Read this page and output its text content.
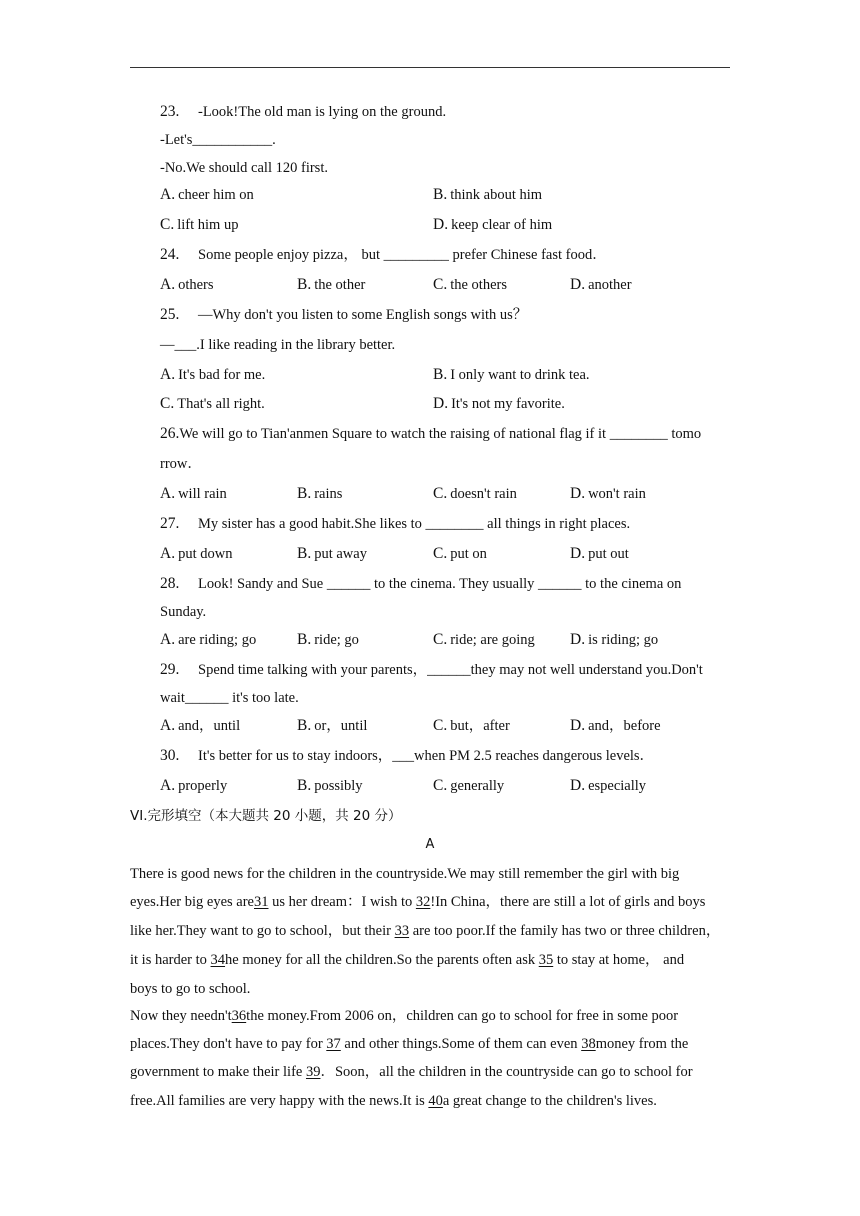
23. -Look!The old man is lying on the ground.
-Let's___________.
-No.We should call 120 first.
A. cheer him on	B. think about him
C. lift him up	D. keep clear of him
24. Some people enjoy pizza， but _________ prefer Chinese fast food．
A. others	B. the other	C. the others	D. another
25. —Why don't you listen to some English songs with us？
—___.I like reading in the library better.
A. It's bad for me.	B. I only want to drink tea.
C. That's all right.	D. It's not my favorite.
26.We will go to Tian'anmen Square to watch the raising of national flag if it ________ tomo
rrow．
A. will rain	B. rains	C. doesn't rain	D. won't rain
27. My sister has a good habit.She likes to ________ all things in right places.
A. put down	B. put away	C. put on	D. put out
28. Look! Sandy and Sue ______ to the cinema. They usually ______ to the cinema on
Sunday.
A. are riding; go	B. ride; go	C. ride; are going D. is riding; go
29. Spend time talking with your parents，______they may not well understand you.Don't
wait______ it's too late.
A. and，until	B. or，until	C. but，after	D. and，before
30. It's better for us to stay indoors，___when PM 2.5 reaches dangerous levels．
A. properly	B. possibly	C. generally	D. especially
VI.完形填空（本大题共 20 小题，共 20 分）
A
There is good news for the children in the countryside.We may still remember the girl with big
eyes.Her big eyes are31 us her dream：I wish to 32!In China，there are still a lot of girls and boys
like her.They want to go to school，but their 33 are too poor.If the family has two or three children，
it is harder to 34he money for all the children.So the parents often ask 35 to stay at home， and
boys to go to school.
Now they needn't36the money.From 2006 on，children can go to school for free in some poor
places.They don't have to pay for 37 and other things.Some of them can even 38money from the
government to make their life 39．Soon，all the children in the countryside can go to school for
free.All families are very happy with the news.It is 40a great change to the children's lives.
